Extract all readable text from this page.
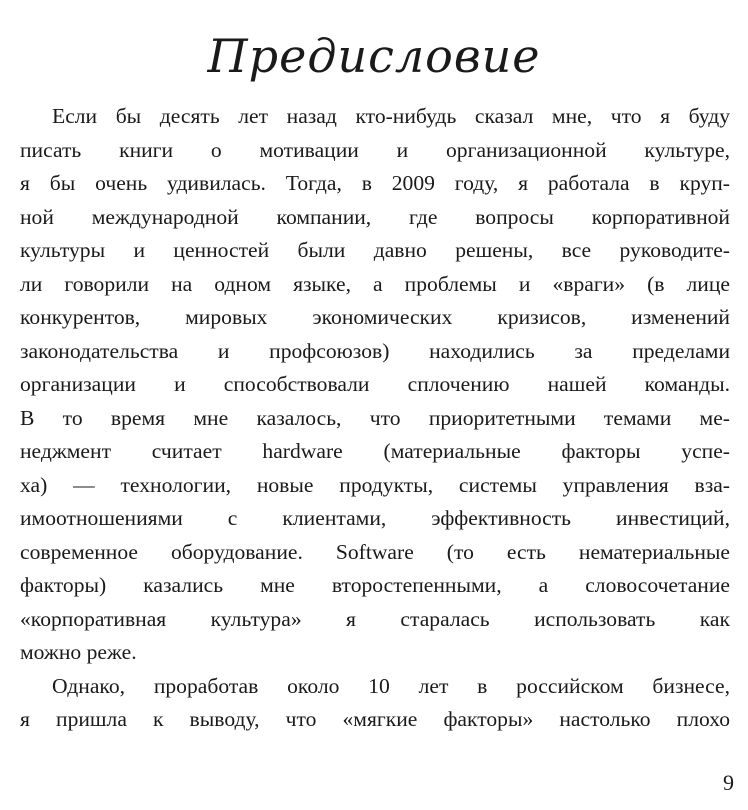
Предисловие
Если бы десять лет назад кто-нибудь сказал мне, что я буду
писать книги о мотивации и организационной культуре,
я бы очень удивилась. Тогда, в 2009 году, я работала в круп-
ной международной компании, где вопросы корпоративной
культуры и ценностей были давно решены, все руководите-
ли говорили на одном языке, а проблемы и «враги» (в лице
конкурентов, мировых экономических кризисов, изменений
законодательства и профсоюзов) находились за пределами
организации и способствовали сплочению нашей команды.
В то время мне казалось, что приоритетными темами ме-
неджмент считает hardware (материальные факторы успе-
ха) — технологии, новые продукты, системы управления вза-
имоотношениями с клиентами, эффективность инвестиций,
современное оборудование. Software (то есть нематериальные
факторы) казались мне второстепенными, а словосочетание
«корпоративная культура» я старалась использовать как
можно реже.
Однако, проработав около 10 лет в российском бизнесе,
я пришла к выводу, что «мягкие факторы» настолько плохо
9
